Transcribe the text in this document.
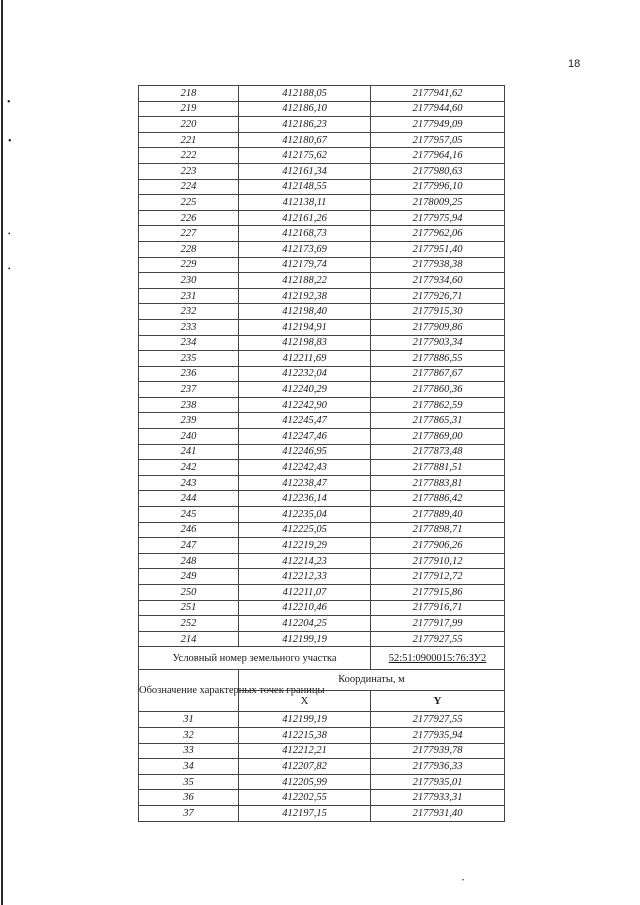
•
•
•
•
•
18
218	412188,05	2177941,62
219	412186,10	2177944,60
220	412186,23	2177949,09
221	412180,67	2177957,05
222	412175,62	2177964,16
223	412161,34	2177980,63
224	412148,55	2177996,10
225	412138,11	2178009,25
226	412161,26	2177975,94
227	412168,73	2177962,06
228	412173,69	2177951,40
229	412179,74	2177938,38
230	412188,22	2177934,60
231	412192,38	2177926,71
232	412198,40	2177915,30
233	412194,91	2177909,86
234	412198,83	2177903,34
235	412211,69	2177886,55
236	412232,04	2177867,67
237	412240,29	2177860,36
238	412242,90	2177862,59
239	412245,47	2177865,31
240	412247,46	2177869,00
241	412246,95	2177873,48
242	412242,43	2177881,51
243	412238,47	2177883,81
244	412236,14	2177886,42
245	412235,04	2177889,40
246	412225,05	2177898,71
247	412219,29	2177906,26
248	412214,23	2177910,12
249	412212,33	2177912,72
250	412211,07	2177915,86
251	412210,46	2177916,71
252	412204,25	2177917,99
214	412199,19	2177927,55
Условный номер земельного участка		52:51:0900015:76:ЗУ2
Обозначение характерных точек границы	Координаты, м	
	X	Y
31	412199,19	2177927,55
32	412215,38	2177935,94
33	412212,21	2177939,78
34	412207,82	2177936,33
35	412205,99	2177935,01
36	412202,55	2177933,31
37	412197,15	2177931,40
